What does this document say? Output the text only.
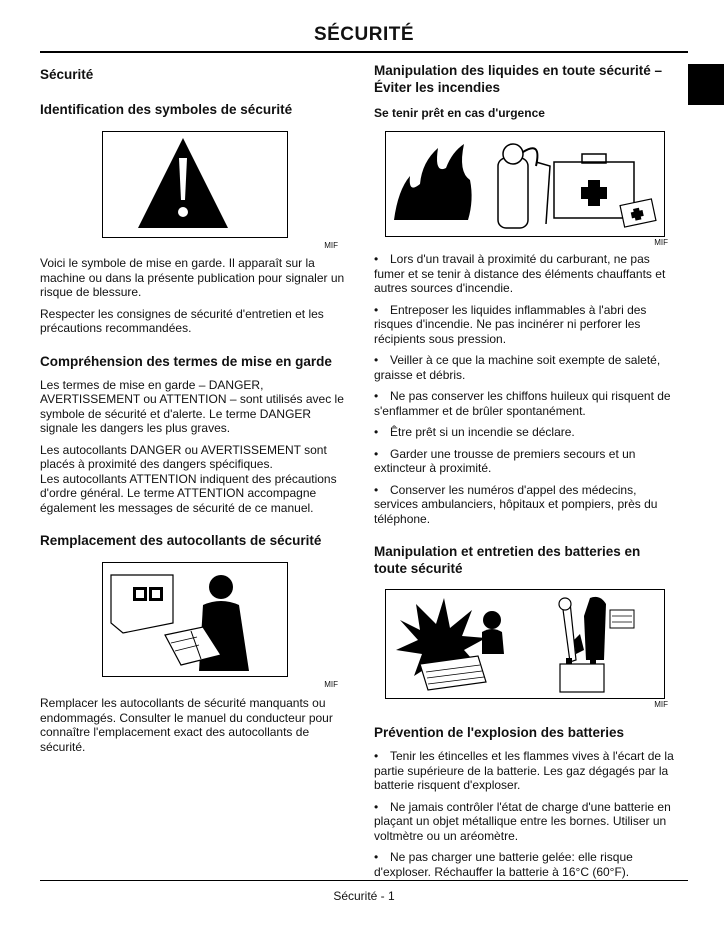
SÉCURITÉ
Sécurité
Identification des symboles de sécurité

MIF

Voici le symbole de mise en garde. Il apparaît sur la machine ou dans la présente publication pour signaler un risque de blessure.

Respecter les consignes de sécurité d'entretien et les précautions recommandées.

Compréhension des termes de mise en garde

Les termes de mise en garde – DANGER, AVERTISSEMENT ou ATTENTION – sont utilisés avec le symbole de sécurité et d'alerte. Le terme DANGER signale les dangers les plus graves.

Les autocollants DANGER ou AVERTISSEMENT sont placés à proximité des dangers spécifiques.

Les autocollants ATTENTION indiquent des précautions d'ordre général. Le terme ATTENTION accompagne également les messages de sécurité de ce manuel.

Remplacement des autocollants de sécurité

MIF

Remplacer les autocollants de sécurité manquants ou endommagés. Consulter le manuel du conducteur pour connaître l'emplacement exact des autocollants de sécurité.

Manipulation des liquides en toute sécurité –
Éviter les incendies
Se tenir prêt en cas d'urgence

MIF

• Lors d'un travail à proximité du carburant, ne pas fumer et se tenir à distance des éléments chauffants et autres sources d'incendie.

• Entreposer les liquides inflammables à l'abri des risques d'incendie. Ne pas incinérer ni perforer les récipients sous pression.

• Veiller à ce que la machine soit exempte de saleté, graisse et débris.

• Ne pas conserver les chiffons huileux qui risquent de s'enflammer et de brûler spontanément.

• Être prêt si un incendie se déclare.

• Garder une trousse de premiers secours et un extincteur à proximité.

• Conserver les numéros d'appel des médecins, services ambulanciers, hôpitaux et pompiers, près du téléphone.

Manipulation et entretien des batteries en
toute sécurité

MIF

Prévention de l'explosion des batteries

• Tenir les étincelles et les flammes vives à l'écart de la partie supérieure de la batterie. Les gaz dégagés par la batterie risquent d'exploser.

• Ne jamais contrôler l'état de charge d'une batterie en plaçant un objet métallique entre les bornes. Utiliser un voltmètre ou un aréomètre.

• Ne pas charger une batterie gelée: elle risque d'exploser. Réchauffer la batterie à 16°C (60°F).

Sécurité - 1
